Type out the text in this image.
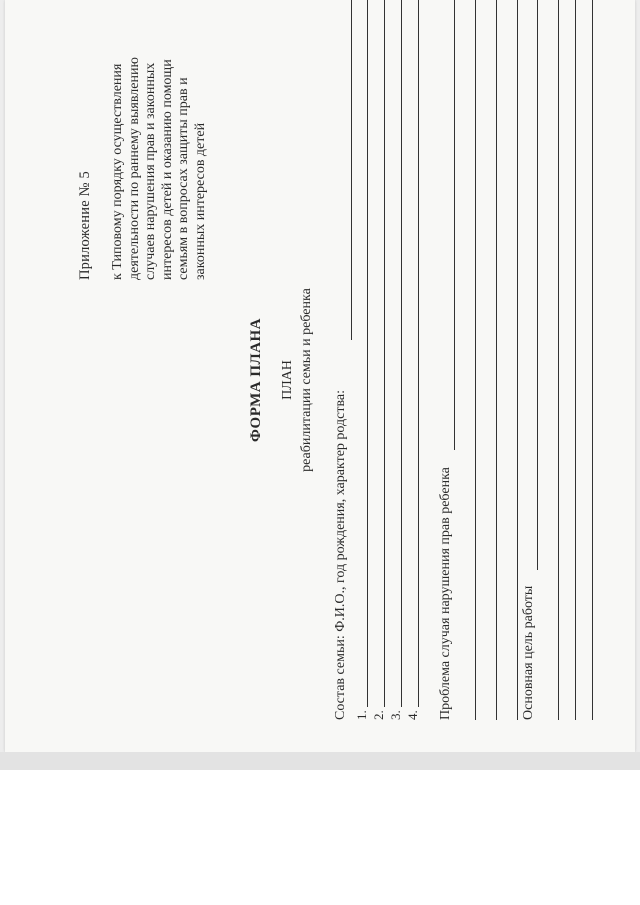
Приложение № 5 к Типовому порядку осуществления деятельности по раннему выявлению случаев нарушения прав и законных интересов детей и оказанию помощи семьям в вопросах защиты прав и законных интересов детей
ФОРМА ПЛАНА ПЛАН реабилитации семьи и ребенка
Состав семьи: Ф.И.О., год рождения, характер родства: 1. 2. 3. 4. Проблема случая нарушения прав ребенка	Основная цель работы
